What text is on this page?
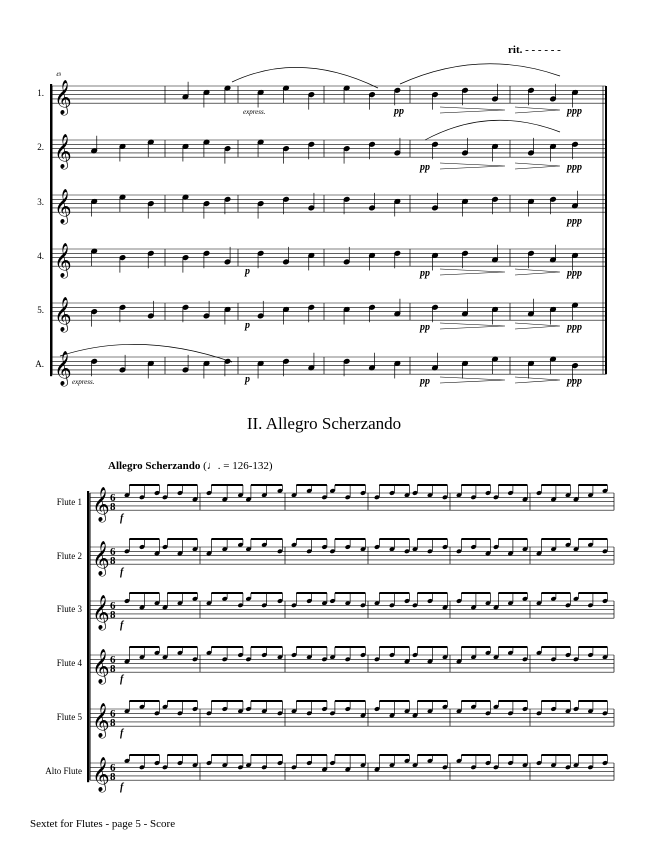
rit. - - - - - -
49
1.
2.
3.
4.
5.
A.
express.
express.
pp	ppp
pp	ppp
ppp
p	pp	ppp
p	pp	ppp
p	pp	ppp
II. Allegro Scherzando
Allegro Scherzando (♩. = 126-132)
Flute 1
Flute 2
Flute 3
Flute 4
Flute 5
Alto Flute
f
f
f
f
f
f
Sextet for Flutes - page 5 - Score
𝄞
𝄞
𝄞
𝄞
𝄞
𝄞
𝄞 6
8
𝄞 6
8
𝄞 6
8
𝄞 6
8
𝄞 6
8
𝄞 6
8
